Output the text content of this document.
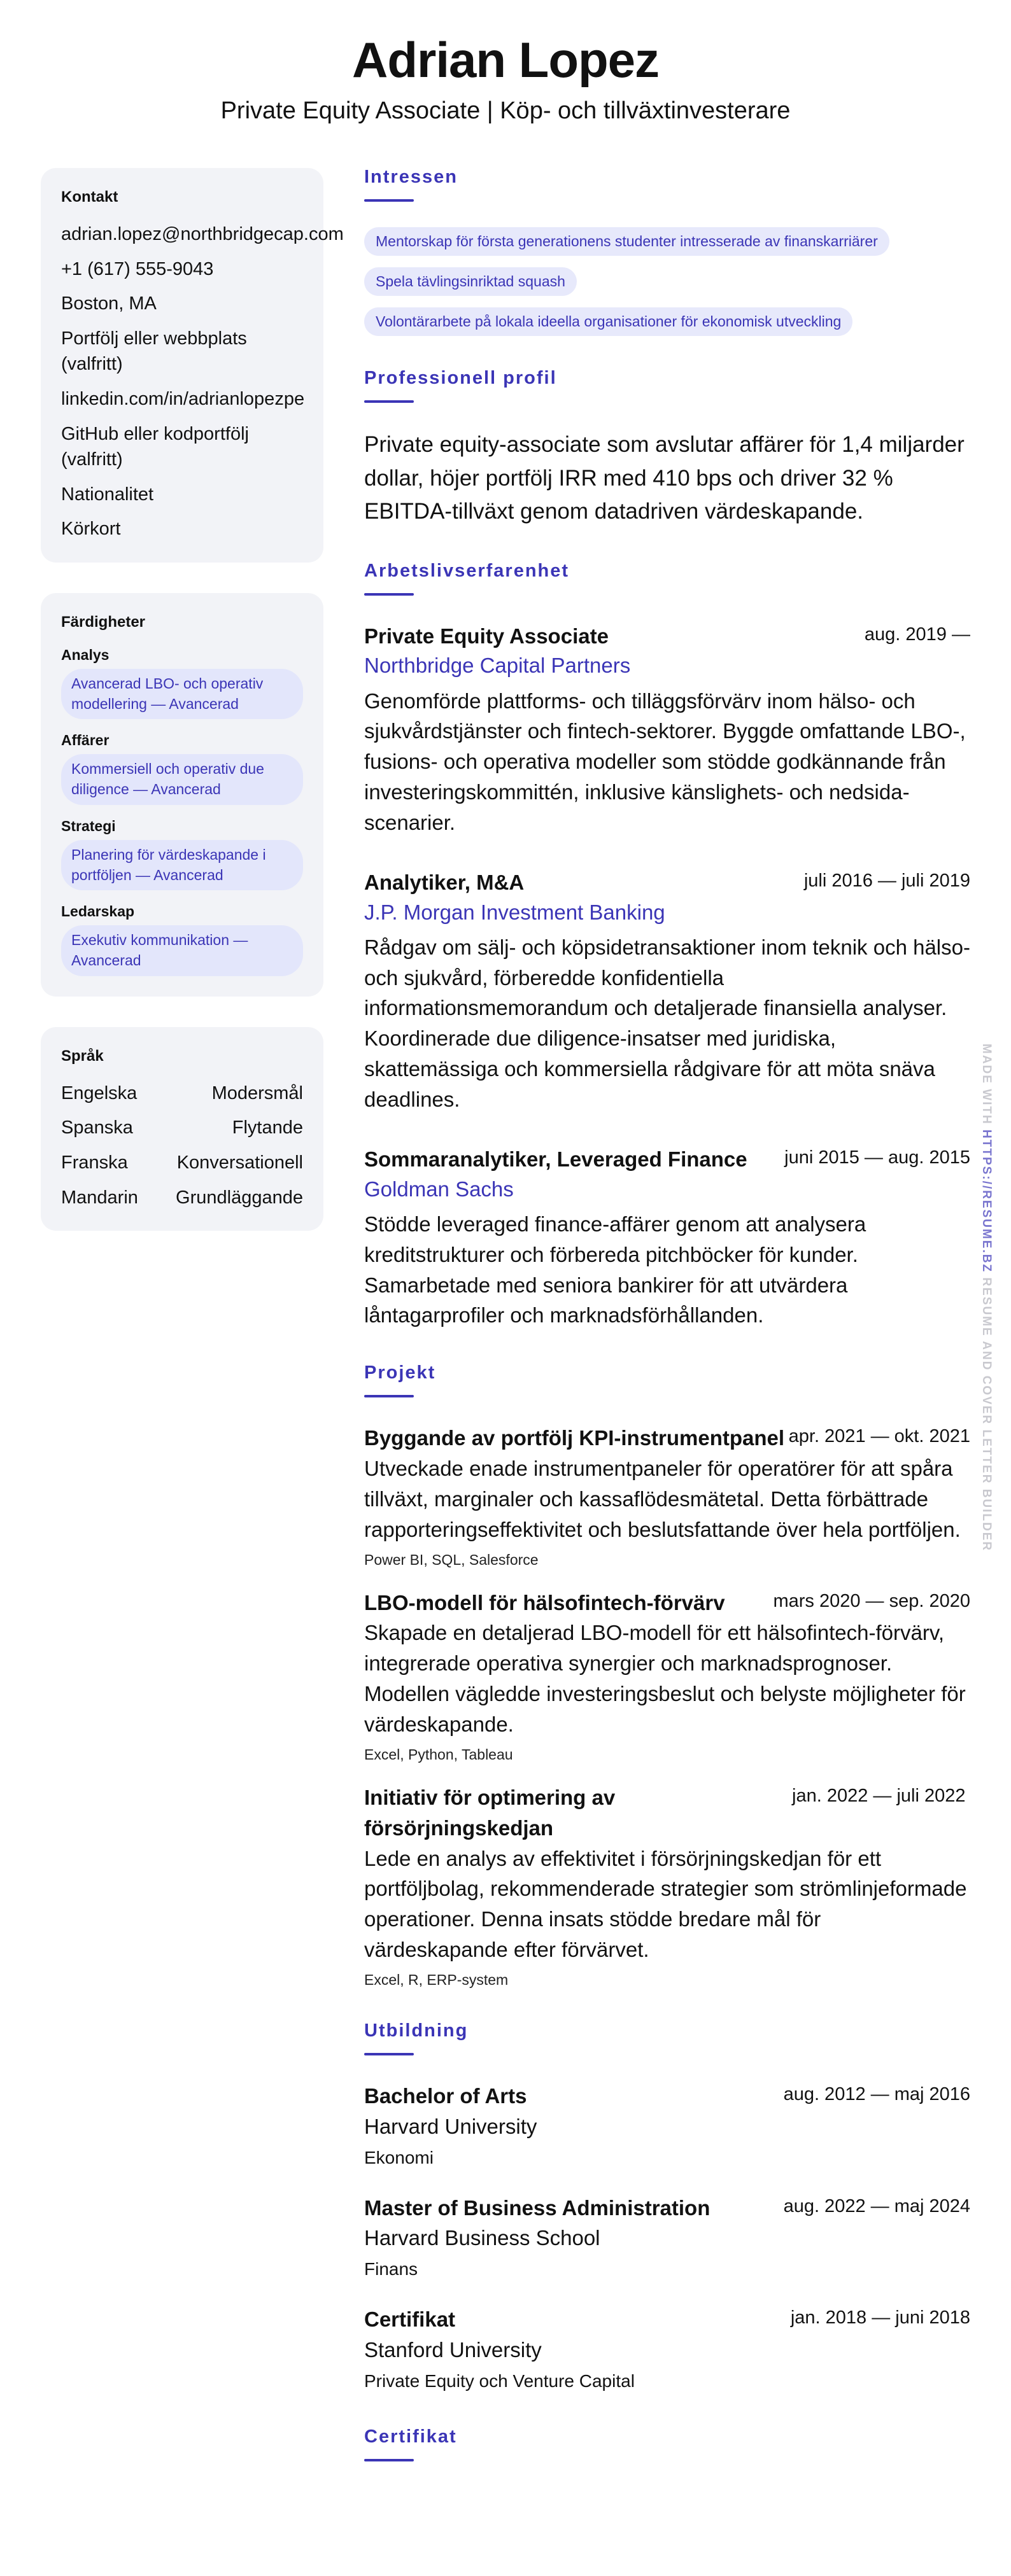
Adrian Lopez
Private Equity Associate | Köp- och tillväxtinvesterare
Kontakt
adrian.lopez@northbridgecap.com
+1 (617) 555-9043
Boston, MA
Portfölj eller webbplats (valfritt)
linkedin.com/in/adrianlopezpe
GitHub eller kodportfölj (valfritt)
Nationalitet
Körkort
Färdigheter
Analys
Avancerad LBO- och operativ modellering — Avancerad
Affärer
Kommersiell och operativ due diligence — Avancerad
Strategi
Planering för värdeskapande i portföljen — Avancerad
Ledarskap
Exekutiv kommunikation — Avancerad
Språk
Engelska	Modersmål
Spanska	Flytande
Franska	Konversationell
Mandarin Grundläggande
Intressen
Mentorskap för första generationens studenter intresserade av finanskarriärer
Spela tävlingsinriktad squash
Volontärarbete på lokala ideella organisationer för ekonomisk utveckling
Professionell profil

Private equity-associate som avslutar affärer för 1,4 miljarder dollar, höjer portfölj IRR med 410 bps och driver 32 % EBITDA-tillväxt genom datadriven värdeskapande.

Arbetslivserfarenhet
Private Equity Associate	aug. 2019 —
Northbridge Capital Partners

Genomförde plattforms- och tilläggsförvärv inom hälso- och sjukvårdstjänster och fintech-sektorer. Byggde omfattande LBO-, fusions- och operativa modeller som stödde godkännande från investeringskommittén, inklusive känslighets- och nedsida-scenarier.

Analytiker, M&A	juli 2016 — juli 2019
J.P. Morgan Investment Banking

Rådgav om sälj- och köpsidetransaktioner inom teknik och hälso- och sjukvård, förberedde konfidentiella informationsmemorandum och detaljerade finansiella analyser. Koordinerade due diligence-insatser med juridiska, skattemässiga och kommersiella rådgivare för att möta snäva deadlines.

Sommaranalytiker, Leveraged Finance juni 2015 — aug. 2015
Goldman Sachs

Stödde leveraged finance-affärer genom att analysera kreditstrukturer och förbereda pitchböcker för kunder. Samarbetade med seniora bankirer för att utvärdera låntagarprofiler och marknadsförhållanden.

Projekt
Byggande av portfölj KPI-instrumentpanel apr. 2021 — okt. 2021

Utveckade enade instrumentpaneler för operatörer för att spåra tillväxt, marginaler och kassaflödesmätetal. Detta förbättrade rapporteringseffektivitet och beslutsfattande över hela portföljen.

Power BI, SQL, Salesforce
LBO-modell för hälsofintech-förvärv	mars 2020 — sep. 2020

Skapade en detaljerad LBO-modell för ett hälsofintech-förvärv, integrerade operativa synergier och marknadsprognoser. Modellen vägledde investeringsbeslut och belyste möjligheter för värdeskapande.

Excel, Python, Tableau
Initiativ för optimering av försörjningskedjan
jan. 2022 — juli 2022

Lede en analys av effektivitet i försörjningskedjan för ett portföljbolag, rekommenderade strategier som strömlinjeformade operationer. Denna insats stödde bredare mål för värdeskapande efter förvärvet.

Excel, R, ERP-system
Utbildning
Bachelor of Arts	aug. 2012 — maj 2016
Harvard University
Ekonomi
Master of Business Administration	aug. 2022 — maj 2024
Harvard Business School
Finans
Certifikat	jan. 2018 — juni 2018
Stanford University
Private Equity och Venture Capital
Certifikat
MADE WITH HTTPS://RESUME.BZ RESUME AND COVER LETTER BUILDER
